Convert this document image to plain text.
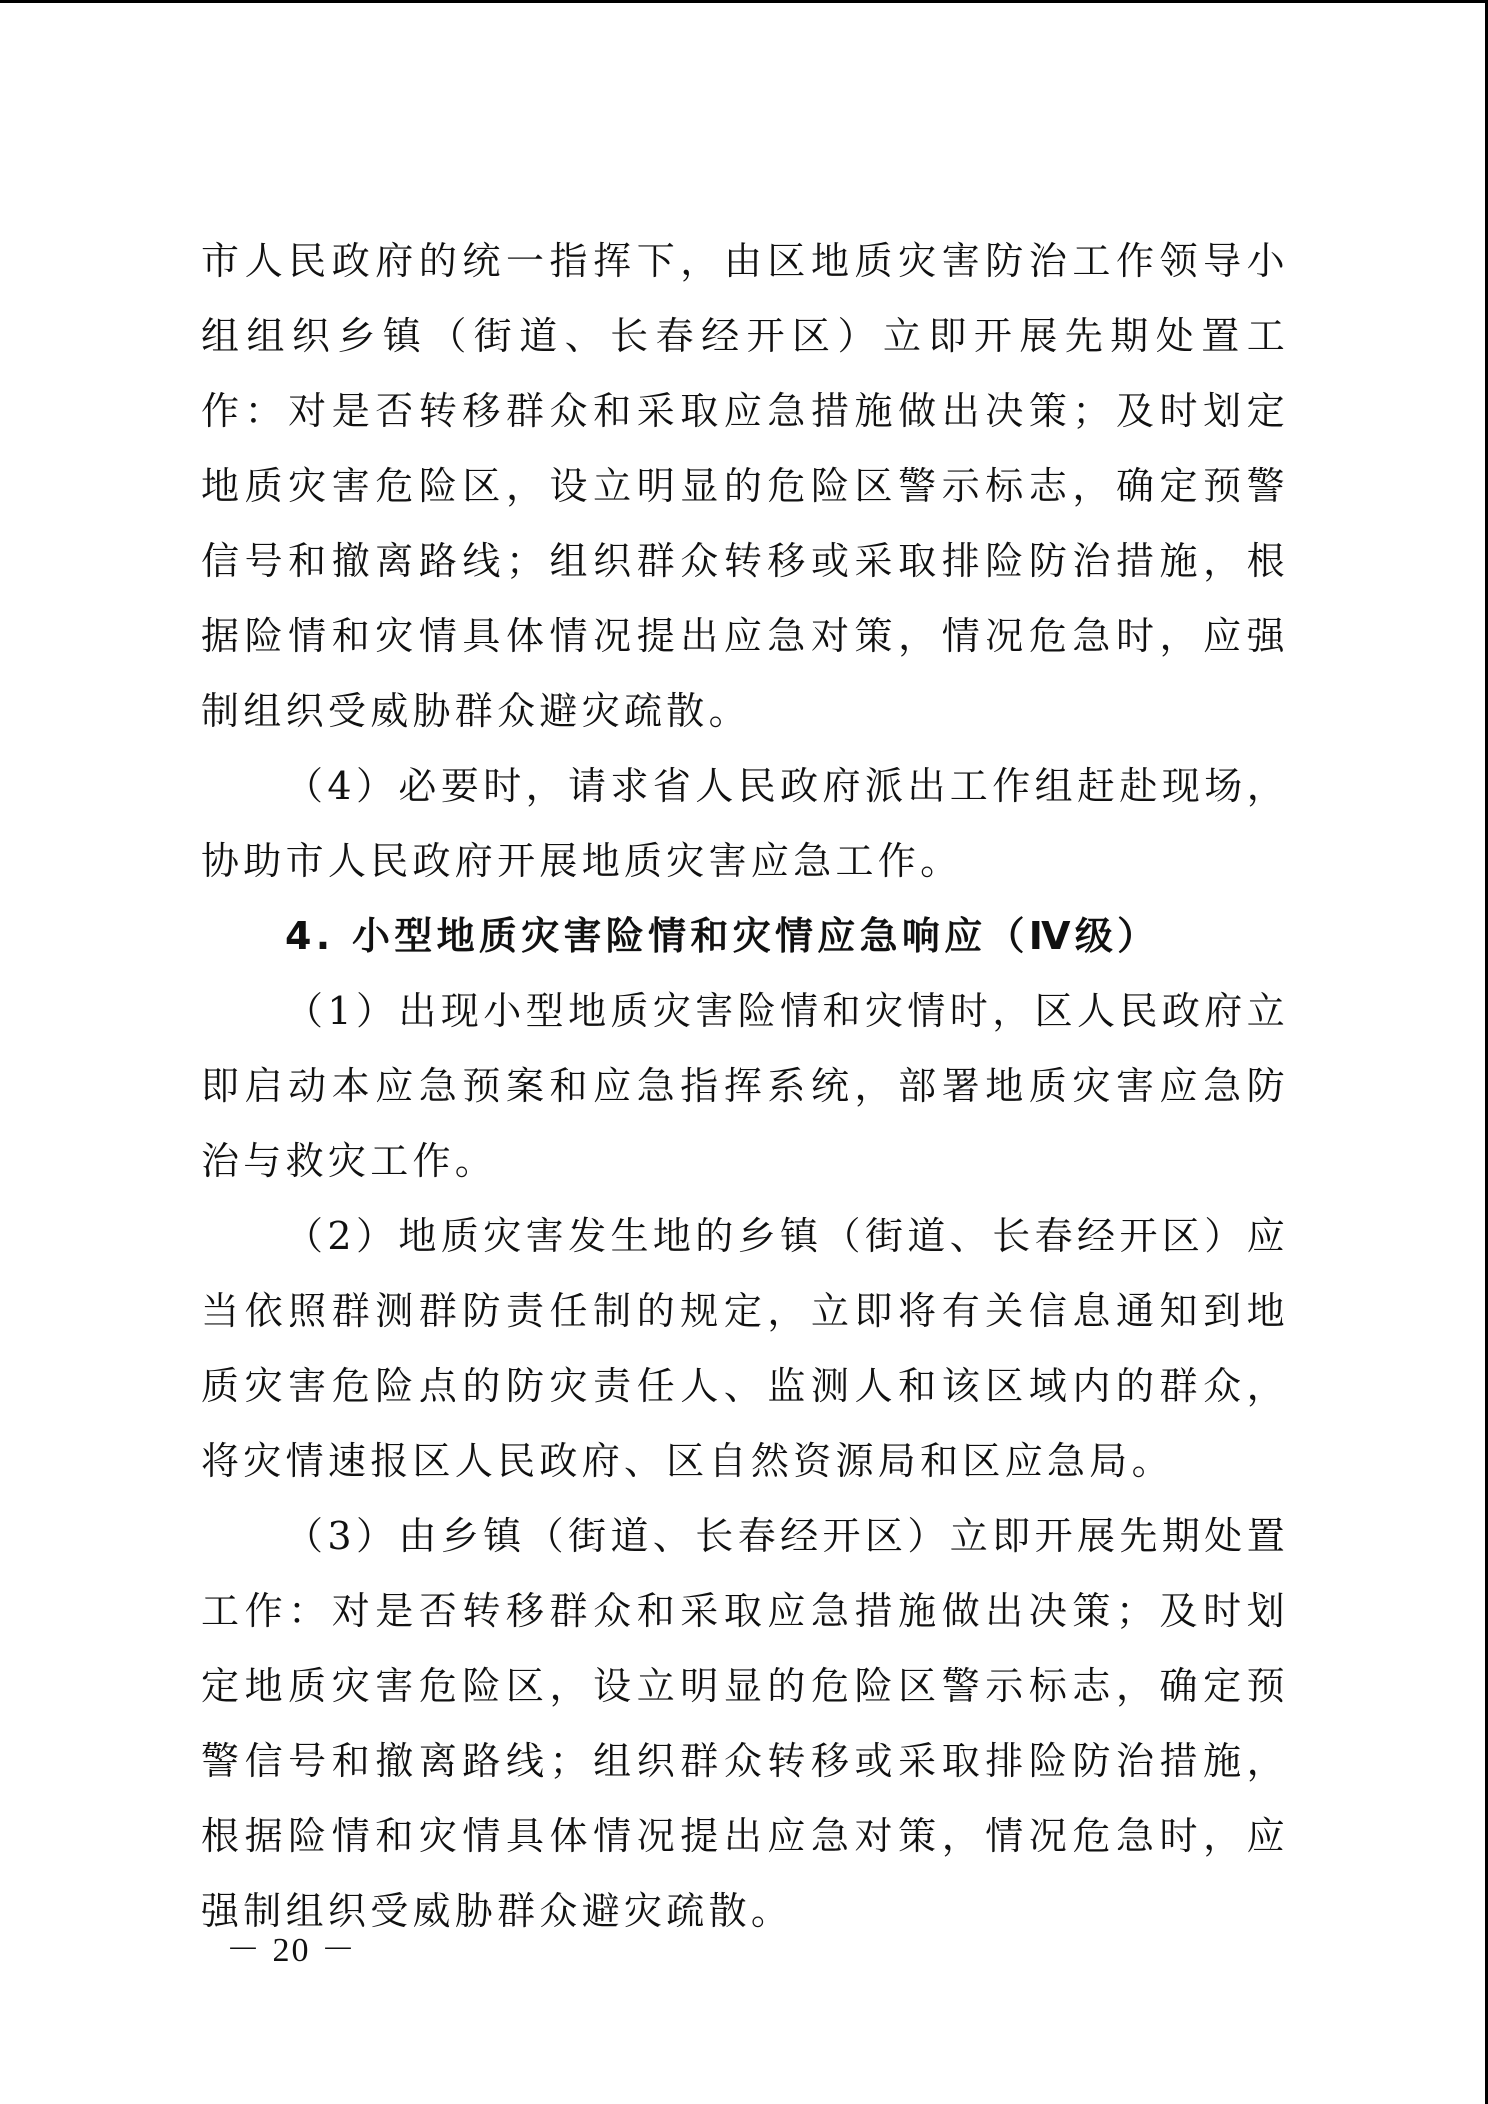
市人民政府的统一指挥下，由区地质灾害防治工作领导小组组织乡镇（街道、长春经开区）立即开展先期处置工作：对是否转移群众和采取应急措施做出决策；及时划定地质灾害危险区，设立明显的危险区警示标志，确定预警信号和撤离路线；组织群众转移或采取排险防治措施，根据险情和灾情具体情况提出应急对策，情况危急时，应强制组织受威胁群众避灾疏散。

（4）必要时，请求省人民政府派出工作组赶赴现场，协助市人民政府开展地质灾害应急工作。

4. 小型地质灾害险情和灾情应急响应（Ⅳ级）

（1）出现小型地质灾害险情和灾情时，区人民政府立即启动本应急预案和应急指挥系统，部署地质灾害应急防治与救灾工作。

（2）地质灾害发生地的乡镇（街道、长春经开区）应当依照群测群防责任制的规定，立即将有关信息通知到地质灾害危险点的防灾责任人、监测人和该区域内的群众，将灾情速报区人民政府、区自然资源局和区应急局。

（3）由乡镇（街道、长春经开区）立即开展先期处置工作：对是否转移群众和采取应急措施做出决策；及时划定地质灾害危险区，设立明显的危险区警示标志，确定预警信号和撤离路线；组织群众转移或采取排险防治措施，根据险情和灾情具体情况提出应急对策，情况危急时，应强制组织受威胁群众避灾疏散。

－ 20 －
